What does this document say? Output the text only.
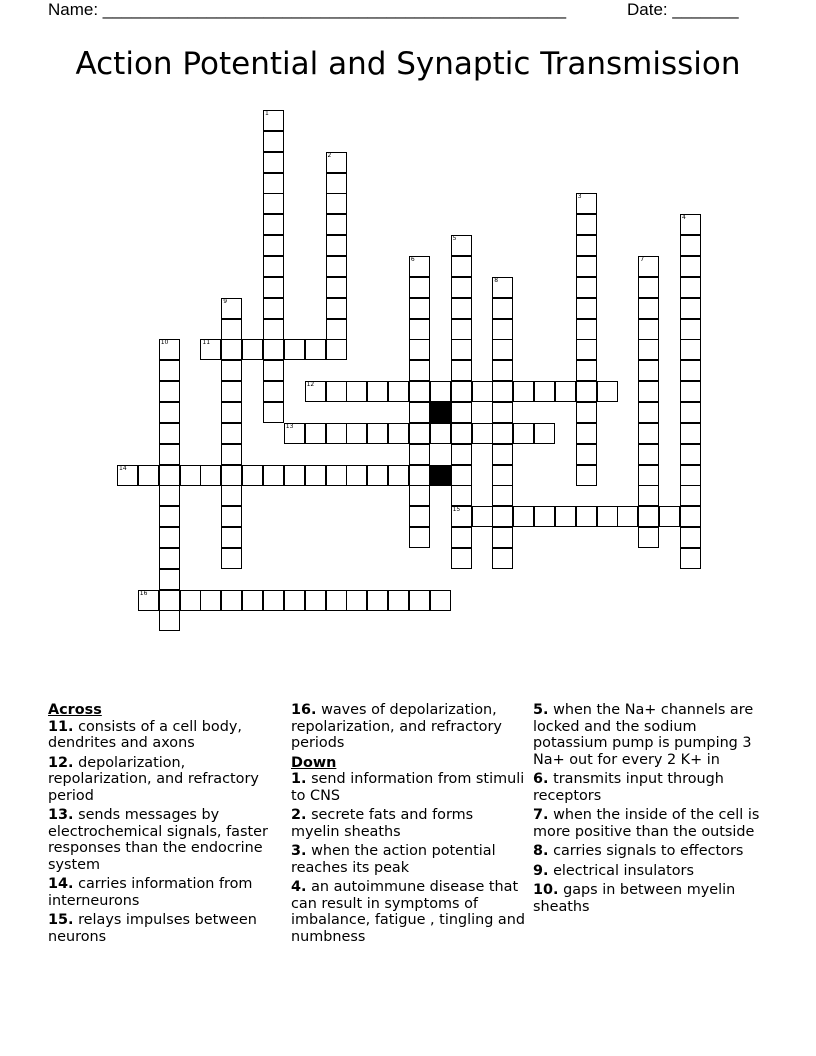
Name: _________________________________________________	Date: _______
Action Potential and Synaptic Transmission
1
2
3
4
5
15
6	7
8
9
10	11
12
13
14
16
Across
11. consists of a cell body, dendrites and axons
12. depolarization, repolarization, and refractory period
13. sends messages by electrochemical signals, faster responses than the endocrine system
14. carries information from interneurons
15. relays impulses between neurons
16. waves of depolarization, repolarization, and refractory periods
Down
1. send information from stimuli to CNS
2. secrete fats and forms myelin sheaths
3. when the action potential reaches its peak
4. an autoimmune disease that can result in symptoms of imbalance, fatigue , tingling and numbness
5. when the Na+ channels are locked and the sodium potassium pump is pumping 3 Na+ out for every 2 K+ in
6. transmits input through receptors
7. when the inside of the cell is more positive than the outside
8. carries signals to effectors
9. electrical insulators
10. gaps in between myelin sheaths
